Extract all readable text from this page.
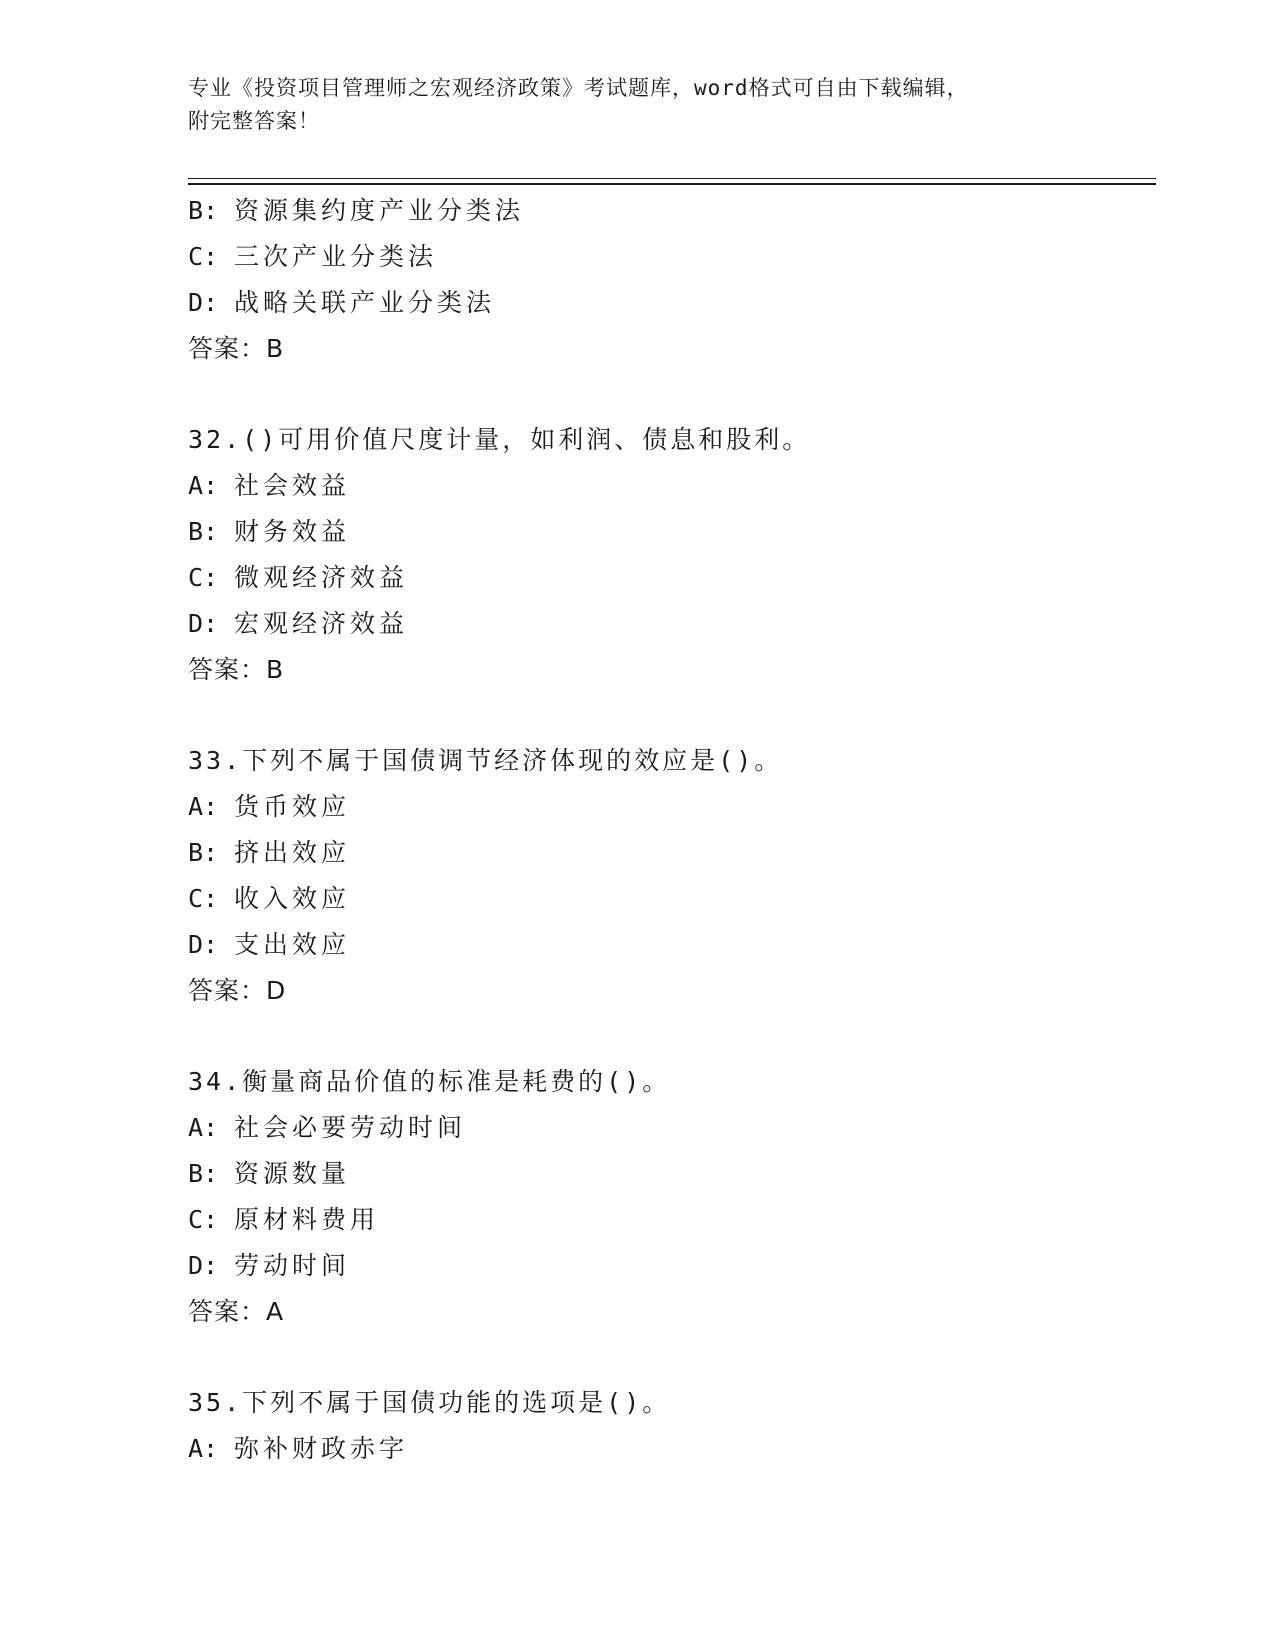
专业《投资项目管理师之宏观经济政策》考试题库，word格式可自由下载编辑，
附完整答案！
B: 资源集约度产业分类法
C: 三次产业分类法
D: 战略关联产业分类法
答案：B
32.()可用价值尺度计量，如利润、债息和股利。
A: 社会效益
B: 财务效益
C: 微观经济效益
D: 宏观经济效益
答案：B
33.下列不属于国债调节经济体现的效应是()。
A: 货币效应
B: 挤出效应
C: 收入效应
D: 支出效应
答案：D
34.衡量商品价值的标准是耗费的()。
A: 社会必要劳动时间
B: 资源数量
C: 原材料费用
D: 劳动时间
答案：A
35.下列不属于国债功能的选项是()。
A: 弥补财政赤字
